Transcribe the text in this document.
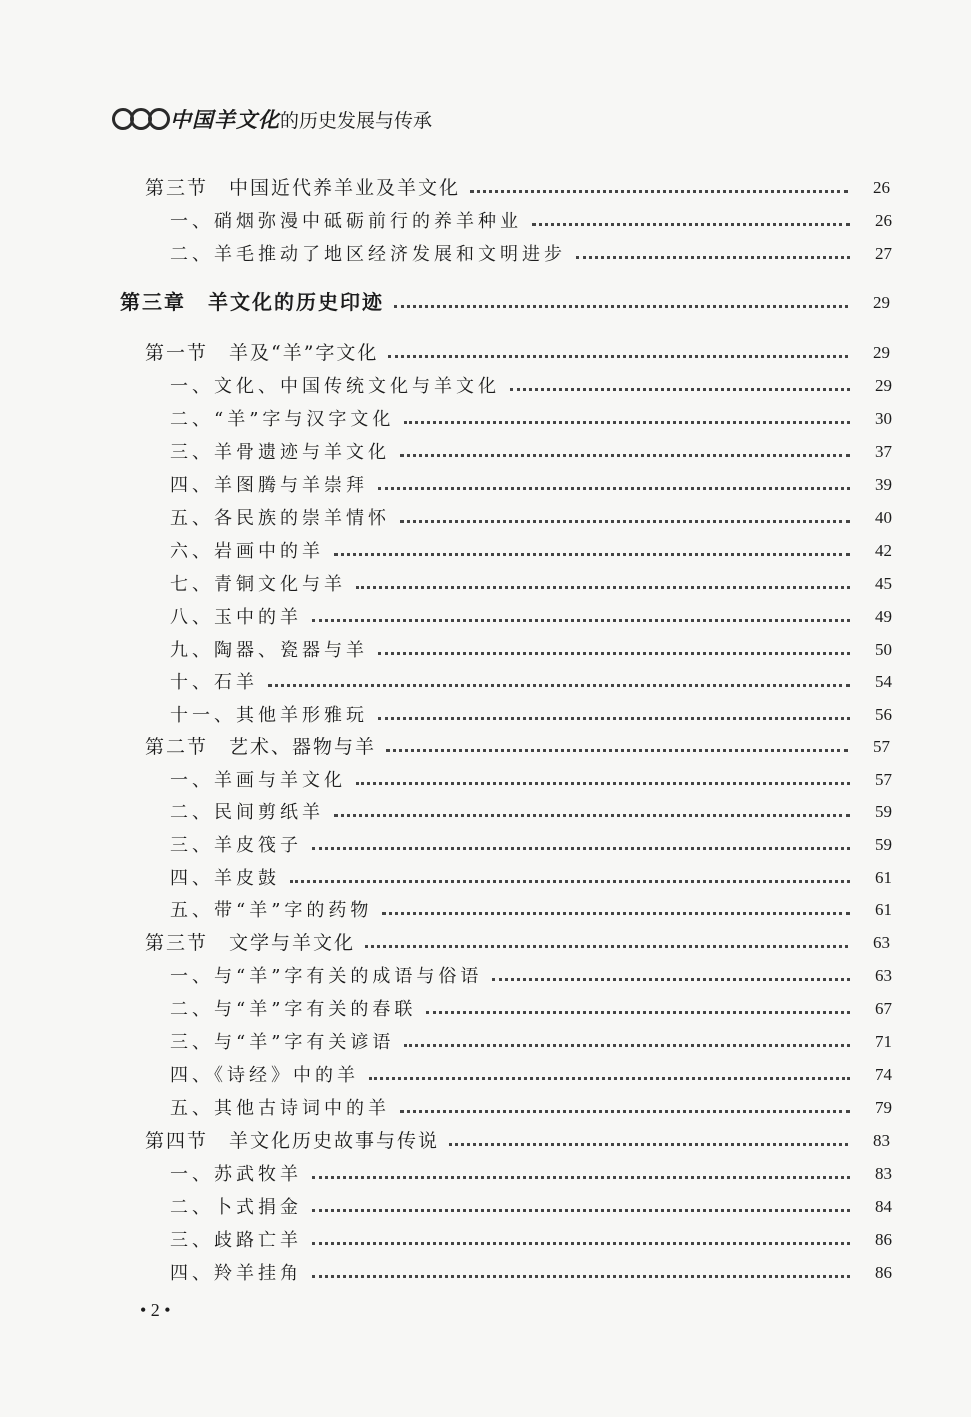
中国羊文化 的历史发展与传承
第三节　中国近代养羊业及羊文化	26
一、硝烟弥漫中砥砺前行的养羊种业	26
二、羊毛推动了地区经济发展和文明进步	27
第三章　羊文化的历史印迹	29
第一节　羊及“羊”字文化	29
一、文化、中国传统文化与羊文化	29
二、“羊”字与汉字文化	30
三、羊骨遗迹与羊文化	37
四、羊图腾与羊崇拜	39
五、各民族的崇羊情怀	40
六、岩画中的羊	42
七、青铜文化与羊	45
八、玉中的羊	49
九、陶器、瓷器与羊	50
十、石羊	54
十一、其他羊形雅玩	56
第二节　艺术、器物与羊	57
一、羊画与羊文化	57
二、民间剪纸羊	59
三、羊皮筏子	59
四、羊皮鼓	61
五、带“羊”字的药物	61
第三节　文学与羊文化	63
一、与“羊”字有关的成语与俗语	63
二、与“羊”字有关的春联	67
三、与“羊”字有关谚语	71
四、《诗经》中的羊	74
五、其他古诗词中的羊	79
第四节　羊文化历史故事与传说	83
一、苏武牧羊	83
二、卜式捐金	84
三、歧路亡羊	86
四、羚羊挂角	86
• 2 •
